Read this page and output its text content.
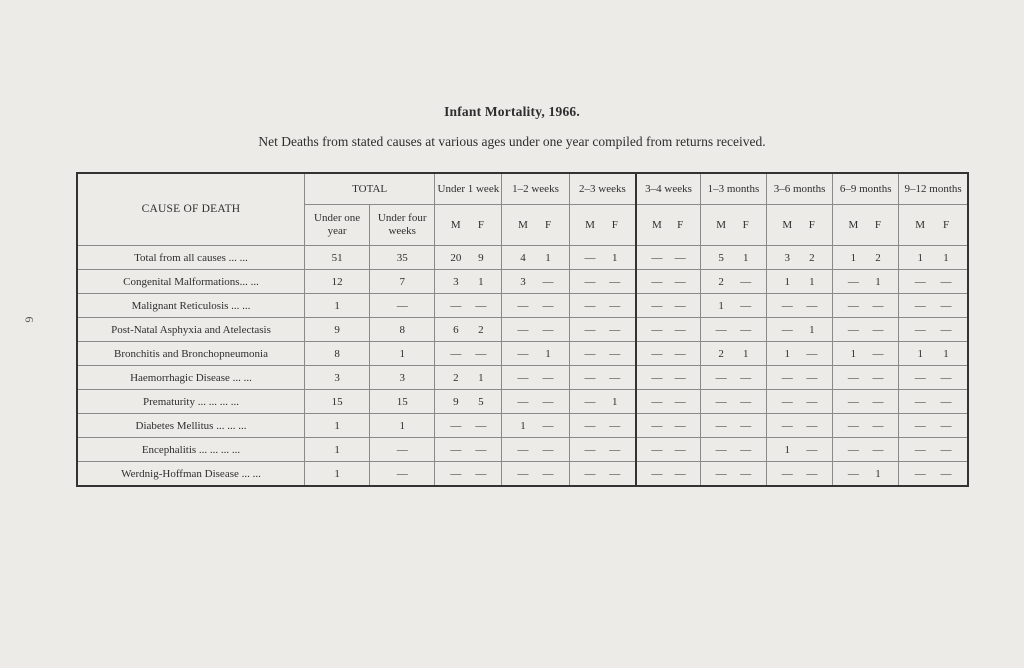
6
Infant Mortality, 1966.
Net Deaths from stated causes at various ages under one year compiled from returns received.
CAUSE OF DEATH	TOTAL		Under 1 week	1–2 weeks	2–3 weeks	3–4 weeks	1–3 months	3–6 months	6–9 months	9–12 months
	Under one year	Under four weeks								

			M F	M F	M F	M F	M F	M F	M F	M F

Total from all causes ... ...	51	35	20 9	4 1	— 1	— —	5 1	3 2	1 2	1 1

Congenital Malformations... ...	12	7	3 1	3 —	— —	— —	2 —	1 1	— 1	— —

Malignant Reticulosis ... ...	1	—	— —	— —	— —	— —	1 —	— —	— —	— —

Post-Natal Asphyxia and Atelectasis	9	8	6 2	— —	— —	— —	— —	— 1	— —	— —

Bronchitis and Bronchopneumonia	8	1	— —	— 1	— —	— —	2 1	1 —	1 —	1 1

Haemorrhagic Disease ... ...	3	3	2 1	— —	— —	— —	— —	— —	— —	— —

Prematurity ... ... ... ...	15	15	9 5	— —	— 1	— —	— —	— —	— —	— —

Diabetes Mellitus ... ... ...	1	1	— —	1 —	— —	— —	— —	— —	— —	— —

Encephalitis ... ... ... ...	1	—	— —	— —	— —	— —	— —	1 —	— —	— —

Werdnig-Hoffman Disease ... ...	1	—	— —	— —	— —	— —	— —	— —	— 1	— —
